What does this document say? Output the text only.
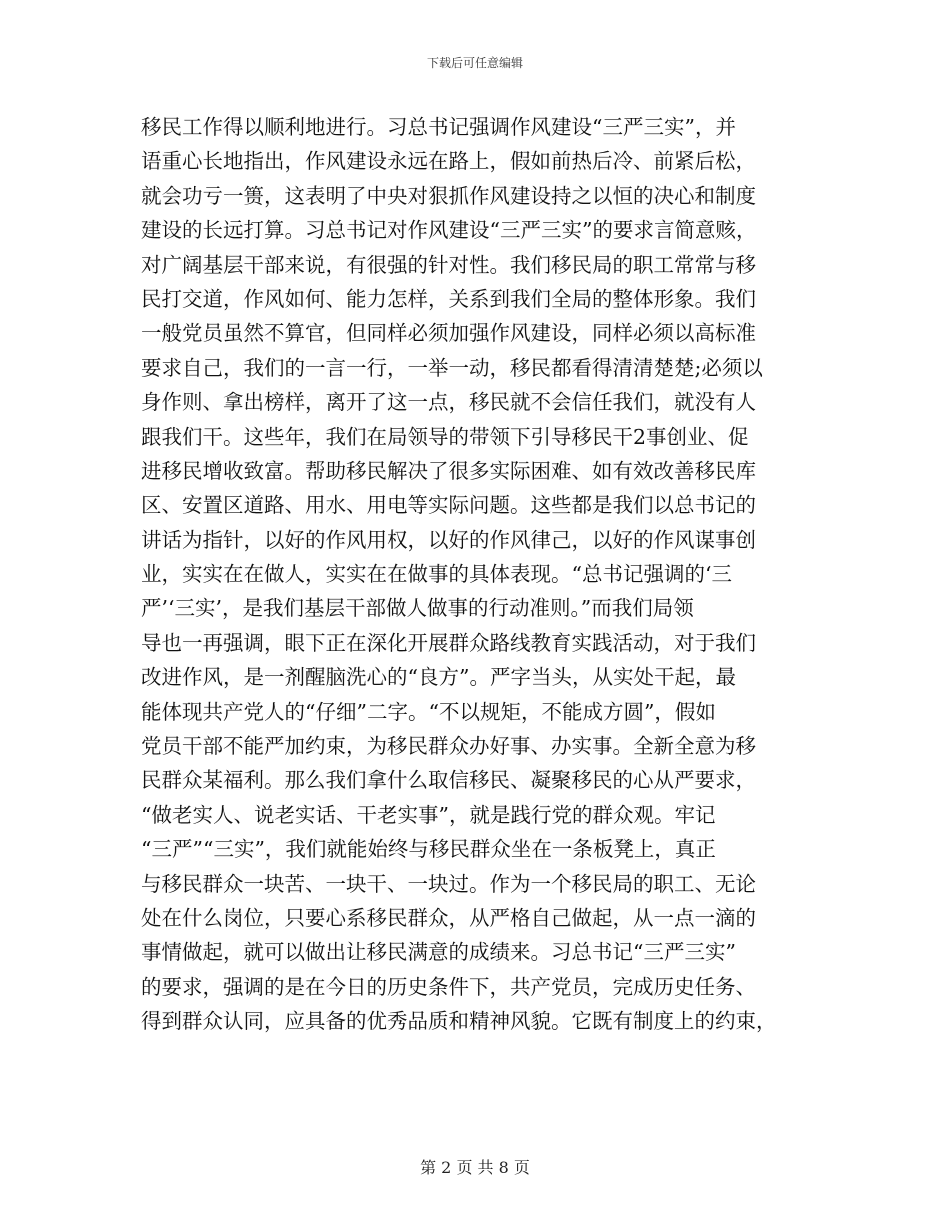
下载后可任意编辑
移民工作得以顺利地进行。习总书记强调作风建设“三严三实”，并
语重心长地指出，作风建设永远在路上，假如前热后冷、前紧后松，
就会功亏一篑，这表明了中央对狠抓作风建设持之以恒的决心和制度
建设的长远打算。习总书记对作风建设“三严三实”的要求言简意赅，
对广阔基层干部来说，有很强的针对性。我们移民局的职工常常与移
民打交道，作风如何、能力怎样，关系到我们全局的整体形象。我们
一般党员虽然不算官，但同样必须加强作风建设，同样必须以高标准
要求自己，我们的一言一行，一举一动，移民都看得清清楚楚;必须以
身作则、拿出榜样，离开了这一点，移民就不会信任我们，就没有人
跟我们干。这些年，我们在局领导的带领下引导移民干2事创业、促
进移民增收致富。帮助移民解决了很多实际困难、如有效改善移民库
区、安置区道路、用水、用电等实际问题。这些都是我们以总书记的
讲话为指针，以好的作风用权，以好的作风律己，以好的作风谋事创
业，实实在在做人，实实在在做事的具体表现。“总书记强调的‘三
严’‘三实’，是我们基层干部做人做事的行动准则。”而我们局领
导也一再强调，眼下正在深化开展群众路线教育实践活动，对于我们
改进作风，是一剂醒脑洗心的“良方”。严字当头，从实处干起，最
能体现共产党人的“仔细”二字。“不以规矩，不能成方圆”，假如
党员干部不能严加约束，为移民群众办好事、办实事。全新全意为移
民群众某福利。那么我们拿什么取信移民、凝聚移民的心从严要求，
“做老实人、说老实话、干老实事”，就是践行党的群众观。牢记
“三严”“三实”，我们就能始终与移民群众坐在一条板凳上，真正
与移民群众一块苦、一块干、一块过。作为一个移民局的职工、无论
处在什么岗位，只要心系移民群众，从严格自己做起，从一点一滴的
事情做起，就可以做出让移民满意的成绩来。习总书记“三严三实”
的要求，强调的是在今日的历史条件下，共产党员，完成历史任务、
得到群众认同，应具备的优秀品质和精神风貌。它既有制度上的约束，
第 2 页 共 8 页
